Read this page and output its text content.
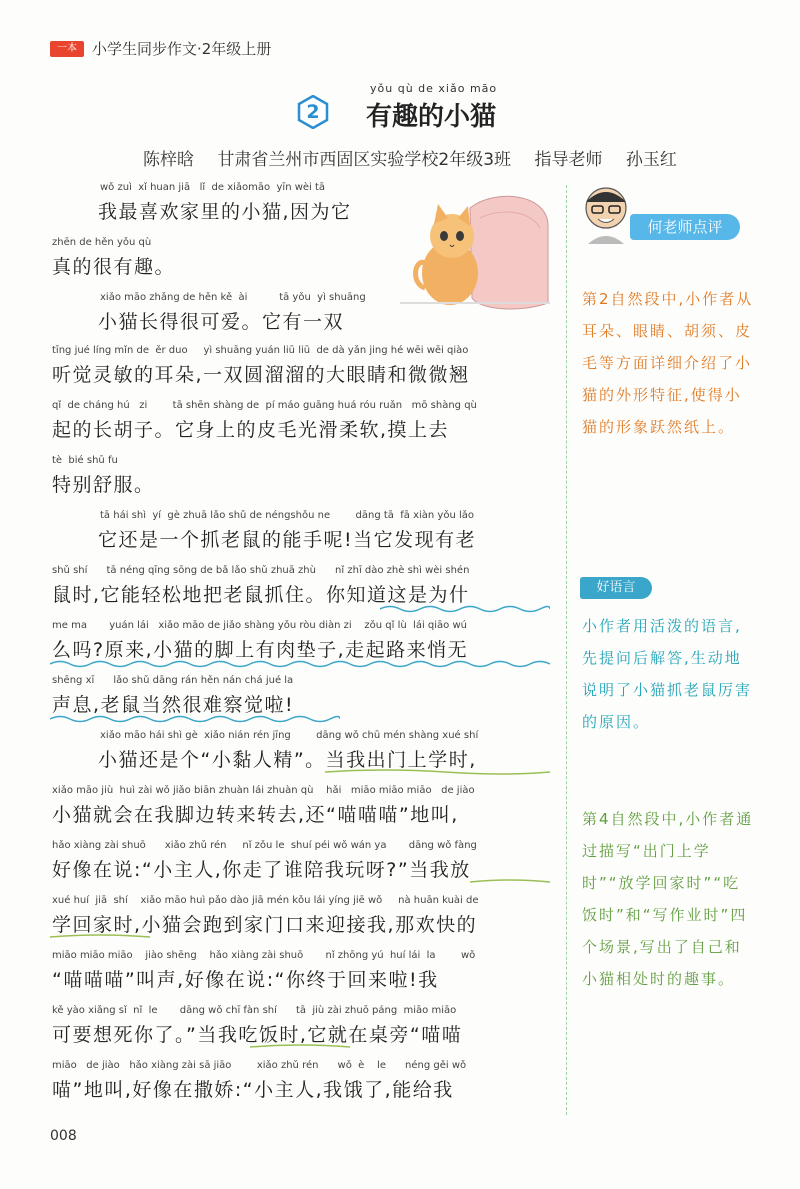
一本	小学生同步作文·2年级上册
2
yǒu qù de xiǎo māo
有趣的小猫
陈梓晗 甘肃省兰州市西固区实验学校2年级3班 指导老师 孙玉红
wǒ zuì  xǐ huan jiā   lǐ  de xiǎomāo  yīn wèi tā
我最喜欢家里的小猫,因为它
zhēn de hěn yǒu qù
真的很有趣。
xiǎo māo zhǎng de hěn kě  ài          tā yǒu  yì shuāng
小猫长得很可爱。它有一双
tīng jué líng mǐn de  ěr duo     yì shuāng yuán liū liū  de dà yǎn jing hé wēi wēi qiào
听觉灵敏的耳朵,一双圆溜溜的大眼睛和微微翘
qǐ  de cháng hú   zi        tā shēn shàng de  pí máo guāng huá róu ruǎn   mō shàng qù
起的长胡子。它身上的皮毛光滑柔软,摸上去
tè  bié shū fu
特别舒服。
tā hái shì  yí  gè zhuā lǎo shǔ de néngshǒu ne        dāng tā  fā xiàn yǒu lǎo
它还是一个抓老鼠的能手呢!当它发现有老
shǔ shí      tā néng qīng sōng de bǎ lǎo shǔ zhuā zhù      nǐ zhī dào zhè shì wèi shén
鼠时,它能轻松地把老鼠抓住。你知道这是为什
me ma       yuán lái   xiǎo māo de jiǎo shàng yǒu ròu diàn zi    zǒu qǐ lù  lái qiāo wú
么吗?原来,小猫的脚上有肉垫子,走起路来悄无
shēng xī      lǎo shǔ dāng rán hěn nán chá jué la
声息,老鼠当然很难察觉啦!
xiǎo māo hái shì gè  xiǎo nián rén jīng        dāng wǒ chū mén shàng xué shí
小猫还是个“小黏人精”。当我出门上学时,
xiǎo māo jiù  huì zài wǒ jiǎo biān zhuàn lái zhuàn qù    hǎi   miāo miāo miāo   de jiào
小猫就会在我脚边转来转去,还“喵喵喵”地叫,
hǎo xiàng zài shuō      xiǎo zhǔ rén     nǐ zǒu le  shuí péi wǒ wán ya       dāng wǒ fàng
好像在说:“小主人,你走了谁陪我玩呀?”当我放
xué huí  jiā  shí    xiǎo māo huì pǎo dào jiā mén kǒu lái yíng jiē wǒ     nà huān kuài de
学回家时,小猫会跑到家门口来迎接我,那欢快的
miāo miāo miāo    jiào shēng    hǎo xiàng zài shuō       nǐ zhōng yú  huí lái  la        wǒ
“喵喵喵”叫声,好像在说:“你终于回来啦!我
kě yào xiǎng sǐ  nǐ  le       dāng wǒ chī fàn shí      tā  jiù zài zhuō páng  miāo miāo
可要想死你了。”当我吃饭时,它就在桌旁“喵喵
miāo   de jiào   hǎo xiàng zài sā jiāo        xiǎo zhǔ rén      wǒ  è    le      néng gěi wǒ
喵”地叫,好像在撒娇:“小主人,我饿了,能给我
何老师点评
第2自然段中,小作者从耳朵、眼睛、胡须、皮毛等方面详细介绍了小猫的外形特征,使得小猫的形象跃然纸上。
好语言
小作者用活泼的语言,先提问后解答,生动地说明了小猫抓老鼠厉害的原因。
第4自然段中,小作者通过描写“出门上学时”“放学回家时”“吃饭时”和“写作业时”四个场景,写出了自己和小猫相处时的趣事。
008
